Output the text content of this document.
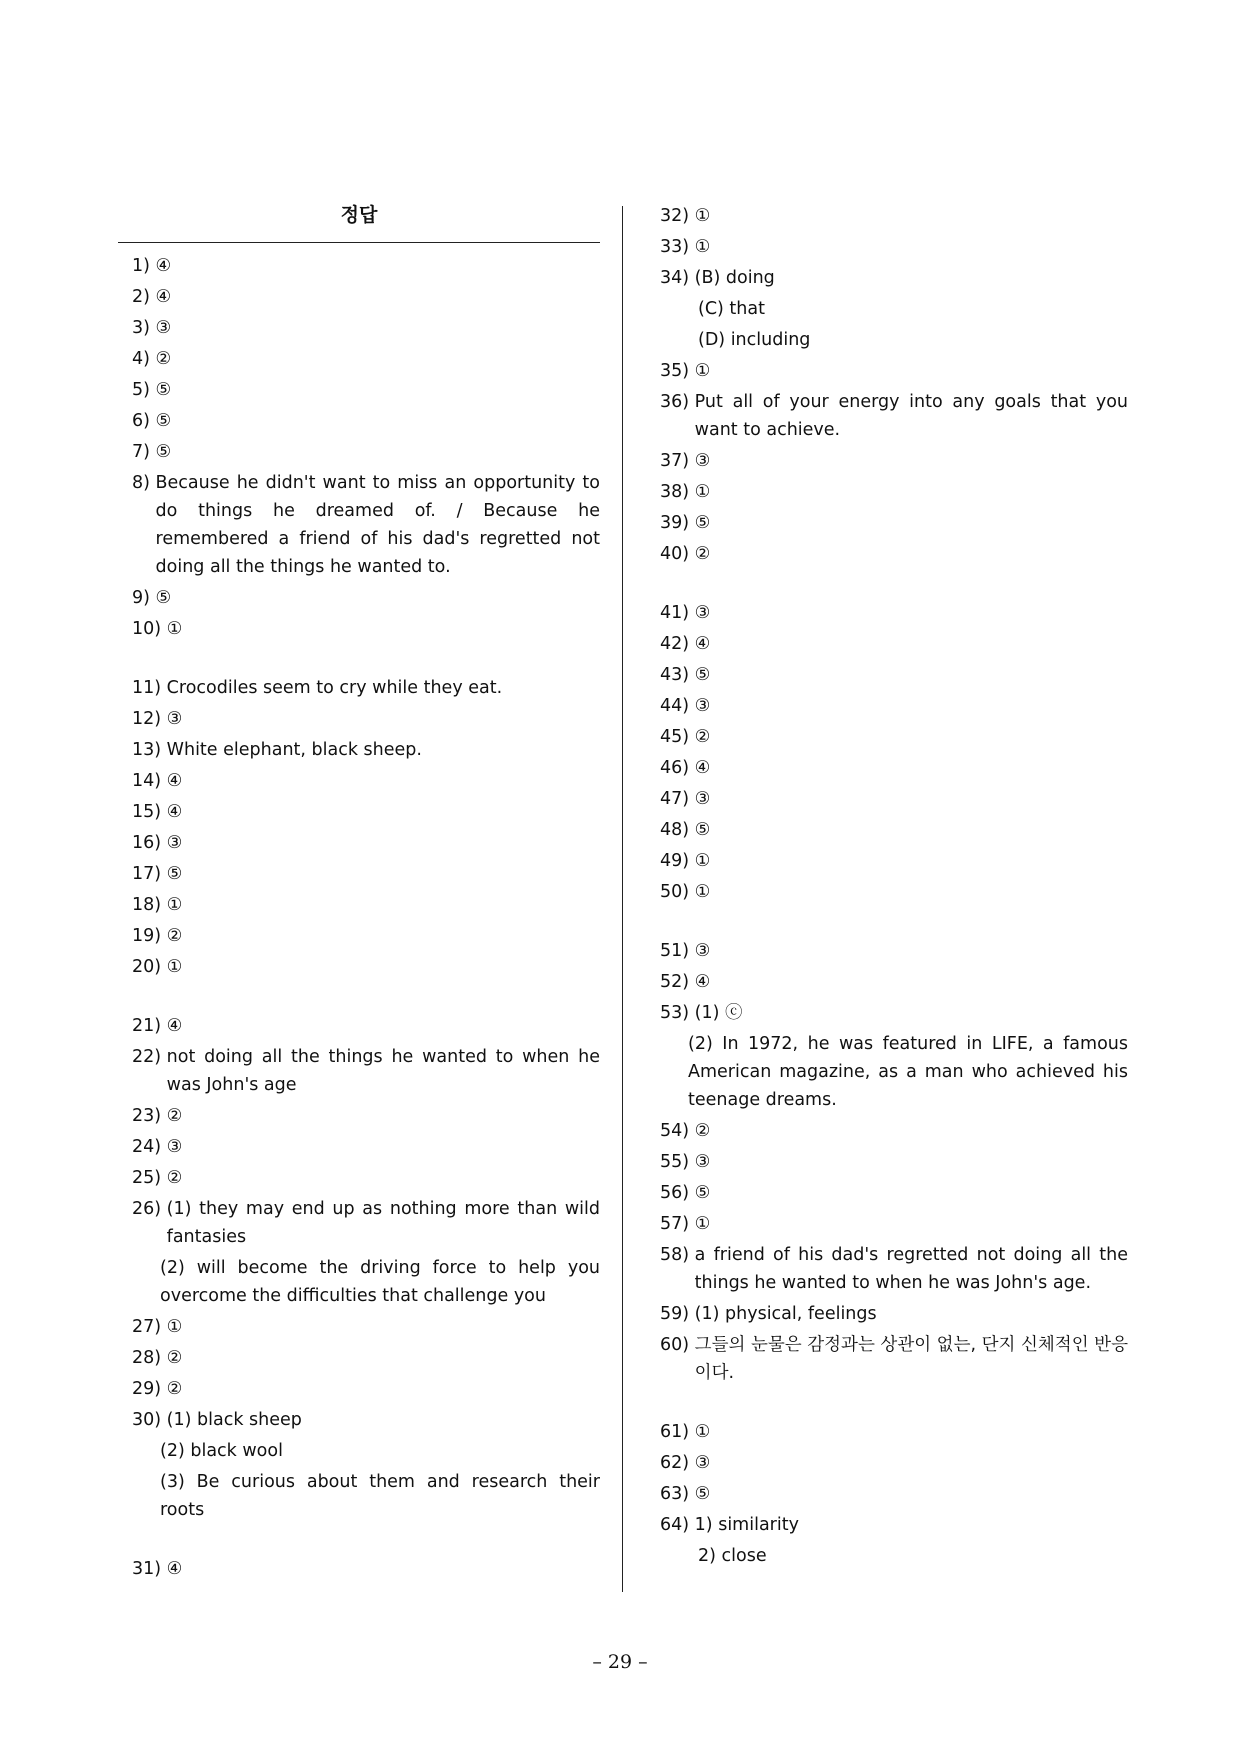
정답
1) ④
2) ④
3) ③
4) ②
5) ⑤
6) ⑤
7) ⑤
8) Because he didn't want to miss an opportunity to do things he dreamed of. / Because he remembered a friend of his dad's regretted not doing all the things he wanted to.
9) ⑤
10) ①
11) Crocodiles seem to cry while they eat.
12) ③
13) White elephant, black sheep.
14) ④
15) ④
16) ③
17) ⑤
18) ①
19) ②
20) ①
21) ④
22) not doing all the things he wanted to when he was John's age
23) ②
24) ③
25) ②
26) (1) they may end up as nothing more than wild fantasies
(2) will become the driving force to help you overcome the difficulties that challenge you
27) ①
28) ②
29) ②
30) (1) black sheep
(2) black wool
(3) Be curious about them and research their roots
31) ④
32) ①
33) ①
34) (B) doing
(C) that
(D) including
35) ①
36) Put all of your energy into any goals that you want to achieve.
37) ③
38) ①
39) ⑤
40) ②
41) ③
42) ④
43) ⑤
44) ③
45) ②
46) ④
47) ③
48) ⑤
49) ①
50) ①
51) ③
52) ④
53) (1) ⓒ
(2) In 1972, he was featured in LIFE, a famous American magazine, as a man who achieved his teenage dreams.
54) ②
55) ③
56) ⑤
57) ①
58) a friend of his dad's regretted not doing all the things he wanted to when he was John's age.
59) (1) physical, feelings
60) 그들의 눈물은 감정과는 상관이 없는, 단지 신체적인 반응이다.
61) ①
62) ③
63) ⑤
64) 1) similarity
2) close
– 29 –
